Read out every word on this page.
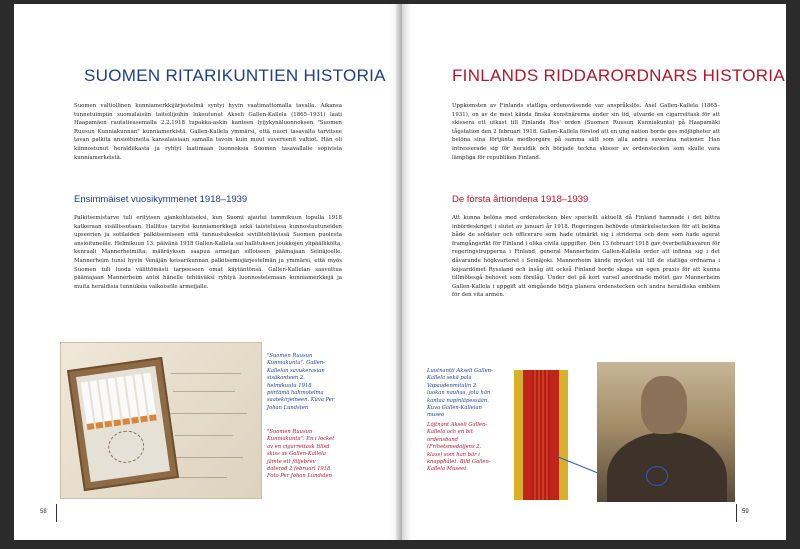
SUOMEN RITARIKUNTIEN HISTORIA

Suomen valtiollinen kunniamerkkijärjestelmä syntyi hyvin vaatimattomalla tavalla. Aikansa tunnetuimpiin suomalaisiin taiteilijoihin lukeutunut Akseli Gallen-Kallela (1865–1931) laati Haapamäen rautatieasemalla 2.2.1918 tupakka-askin kanteen lyijykynäluonnoksen "Suomen Ruusun Kunniakunnan" kunniamerkistä. Gallen-Kallela ymmärsi, että nuori tasavalta tarvitsee tavan palkita ansioituneita kansalaisiaan samalla tavoin kuin muut suvereenit valtiot. Hän oli kiinnostunut heraldiikasta ja ryhtyi laatimaan luonnoksia Suomen tasavallalle sopivista kunniamerkeistä.

Ensimmäiset vuosikymmenet 1918–1939

Palkitsemistarve tuli erityisen ajankohtaiseksi, kun Suomi ajautui tammikuun lopulla 1918 katkeraan sisällissotaan. Hallitus tarvitsi kunniamerkkejä sekä taisteluissa kunnostautuneiden upseerien ja sotilaiden palkitsemiseen että tunnustukseksi siviilitehtävissä Suomen puolesta ansioituneille. Helmikuun 13. päivänä 1918 Gallen-Kallela sai hallituksen joukkojen ylipäällikölta, kenraali Mannerheimilta, määräyksen saapua armeijan silloiseen päämajaan Seinäjoelle. Mannerheim tunsi hyvin Venäjän keisarikunnan palkitsemisjärjestelmän ja ymmärsi, että myös Suomen tuli luoda välittömästi tarpeeseen omat käytäntönsä. Gallen-Kallelan saavuttua päämajaan Mannerheim antoi hänelle tehtäväksi ryhtyä luonnostelemaan kunniamerkkejä ja muita heraldisia tunnuksia valkoiselle armeijalle.

"Suomen Ruusun Kunniakunta". Gallen-Kallelan savukerasian sisäkanteen 2. helmikuuta 1918 piirtämä hahmotelma saatekirjeineen. Kuva Per Johan Lundsten

"Suomen Ruusun Kunniakunta". En i locket av en cigarrettask tillsd skiss av Gallen-Kallela jämte ett följebrev daterad 2 februari 1918. Foto Per Johan Lundsten

58
FINLANDS RIDDARORDNARS HISTORIA

Uppkomsten av Finlands statliga ordensväsende var anspråkslös. Axel Gallen-Kallela (1865–1931), en av de mest kända finska konstnärerna under sin tid, utvarde en cigarrettask för att skissera ett utkast till Finlands Ros' orden (Suomen Ruusun Kunniakunta) på Haapamäki tågstation den 2 februari 1918. Gallen-Kallela förstod att en ung nation borde ges möjligheter att belöna sina förtjänta medborgare på samma sätt som alla andra suveräna nationer. Han intresserade sig för heraldik och började teckna skisser av ordenstecken som skulle vara lämpliga för republiken Finland.

De första årtiondena 1918–1939

Att kunna belöna med ordenstecken blev speciellt aktuellt då Finland hamnade i det bittra inbördeskriget i slutet av januari år 1918. Regeringen behövde utmärkelsetecken för att belöna både de soldater och officerare som hade utmärkt sig i striderna och dem som hade agerat framgångsrikt för Finland i olika civila uppgifter. Den 13 februari 1918 gav överbefälhavaren för regeringstrupperna i Finland, general Mannerheim Gallen-Kallela order att infinna sig i det dåvarande högkvarteret i Seinäjoki. Mannerheim kände mycket väl till de statliga ordnarna i kejsardömet Ryssland och insåg att också Finland borde skapa sin egen praxis för att kunna tillmötesgå behovet som förelåg. Under det på kort varsel anordnade mötet gav Mannerheim Gallen-Kallela i uppgift att omgående börja planera ordenstecken och andra heraldiska emblem för den vita armén.

Luutnantti Akseli Gallen-Kallela sekä pala Vapaudenmitalin 2. luokan nauhaa, jota hän kantaa napinläpessään. Kuva Gallen-Kallelan museo

Löjtnant Akseli Gallen-Kallela och en bit ordensband (Frihetsmedaljens 2. klass) som han bär i knapphålet. Bild Gallen-Kallela Museet

59
